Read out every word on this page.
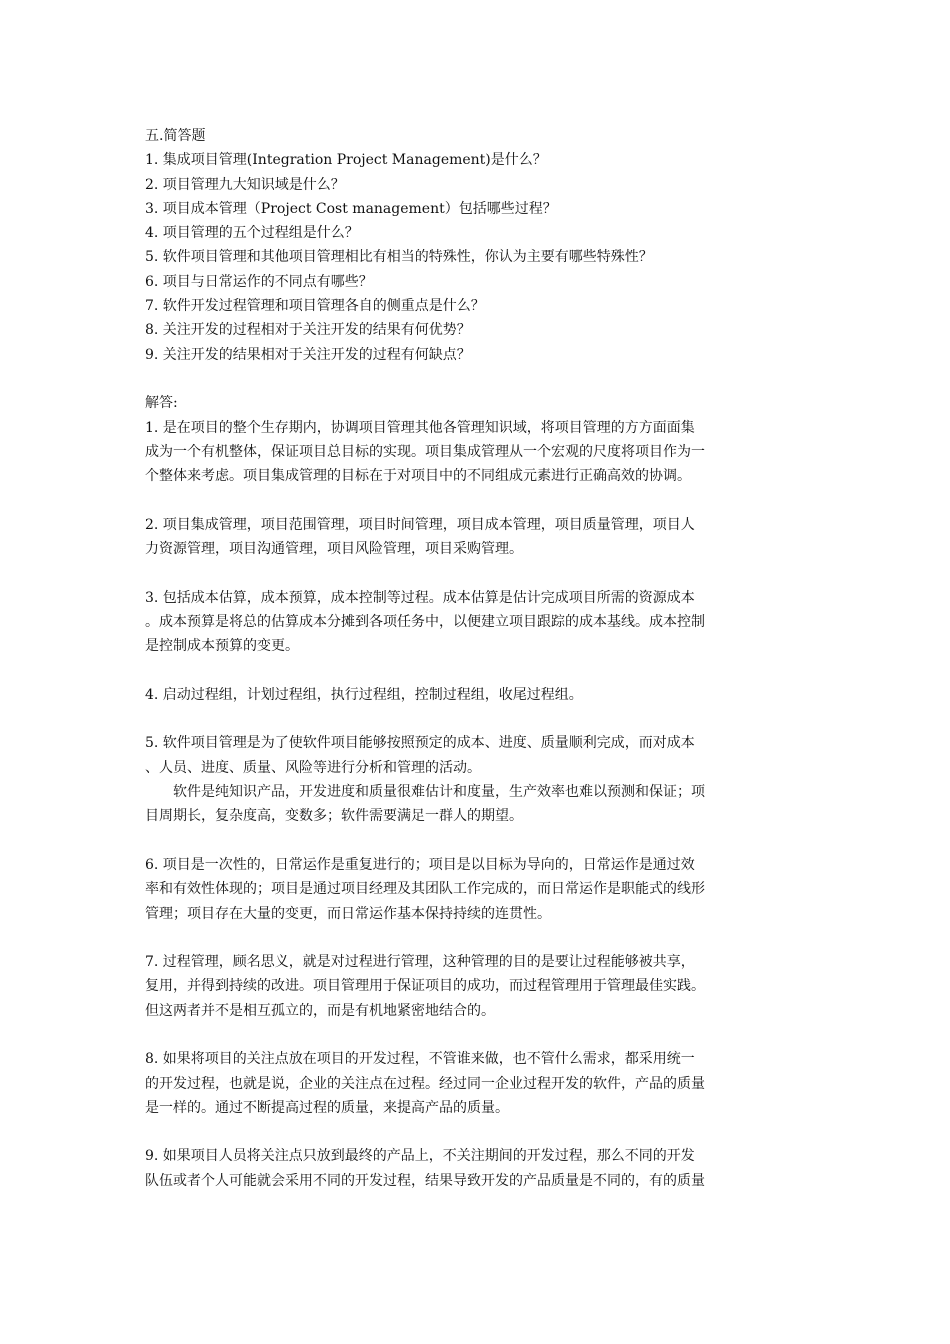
五.简答题
1. 集成项目管理(Integration Project Management)是什么？
2. 项目管理九大知识域是什么？
3. 项目成本管理（Project Cost management）包括哪些过程？
4. 项目管理的五个过程组是什么？
5. 软件项目管理和其他项目管理相比有相当的特殊性，你认为主要有哪些特殊性？
6. 项目与日常运作的不同点有哪些？
7. 软件开发过程管理和项目管理各自的侧重点是什么？
8. 关注开发的过程相对于关注开发的结果有何优势？
9. 关注开发的结果相对于关注开发的过程有何缺点？
解答:
1. 是在项目的整个生存期内，协调项目管理其他各管理知识域，将项目管理的方方面面集
成为一个有机整体，保证项目总目标的实现。项目集成管理从一个宏观的尺度将项目作为一
个整体来考虑。项目集成管理的目标在于对项目中的不同组成元素进行正确高效的协调。
2. 项目集成管理，项目范围管理，项目时间管理，项目成本管理，项目质量管理，项目人
力资源管理，项目沟通管理，项目风险管理，项目采购管理。
3. 包括成本估算，成本预算，成本控制等过程。成本估算是估计完成项目所需的资源成本
。成本预算是将总的估算成本分摊到各项任务中，以便建立项目跟踪的成本基线。成本控制
是控制成本预算的变更。
4. 启动过程组，计划过程组，执行过程组，控制过程组，收尾过程组。
5. 软件项目管理是为了使软件项目能够按照预定的成本、进度、质量顺利完成，而对成本
、人员、进度、质量、风险等进行分析和管理的活动。
软件是纯知识产品，开发进度和质量很难估计和度量，生产效率也难以预测和保证；项
目周期长，复杂度高，变数多；软件需要满足一群人的期望。
6. 项目是一次性的，日常运作是重复进行的；项目是以目标为导向的，日常运作是通过效
率和有效性体现的；项目是通过项目经理及其团队工作完成的，而日常运作是职能式的线形
管理；项目存在大量的变更，而日常运作基本保持持续的连贯性。
7. 过程管理，顾名思义，就是对过程进行管理，这种管理的目的是要让过程能够被共享，
复用，并得到持续的改进。项目管理用于保证项目的成功，而过程管理用于管理最佳实践。
但这两者并不是相互孤立的，而是有机地紧密地结合的。
8. 如果将项目的关注点放在项目的开发过程，不管谁来做，也不管什么需求，都采用统一
的开发过程，也就是说，企业的关注点在过程。经过同一企业过程开发的软件，产品的质量
是一样的。通过不断提高过程的质量，来提高产品的质量。
9. 如果项目人员将关注点只放到最终的产品上，不关注期间的开发过程，那么不同的开发
队伍或者个人可能就会采用不同的开发过程，结果导致开发的产品质量是不同的，有的质量
